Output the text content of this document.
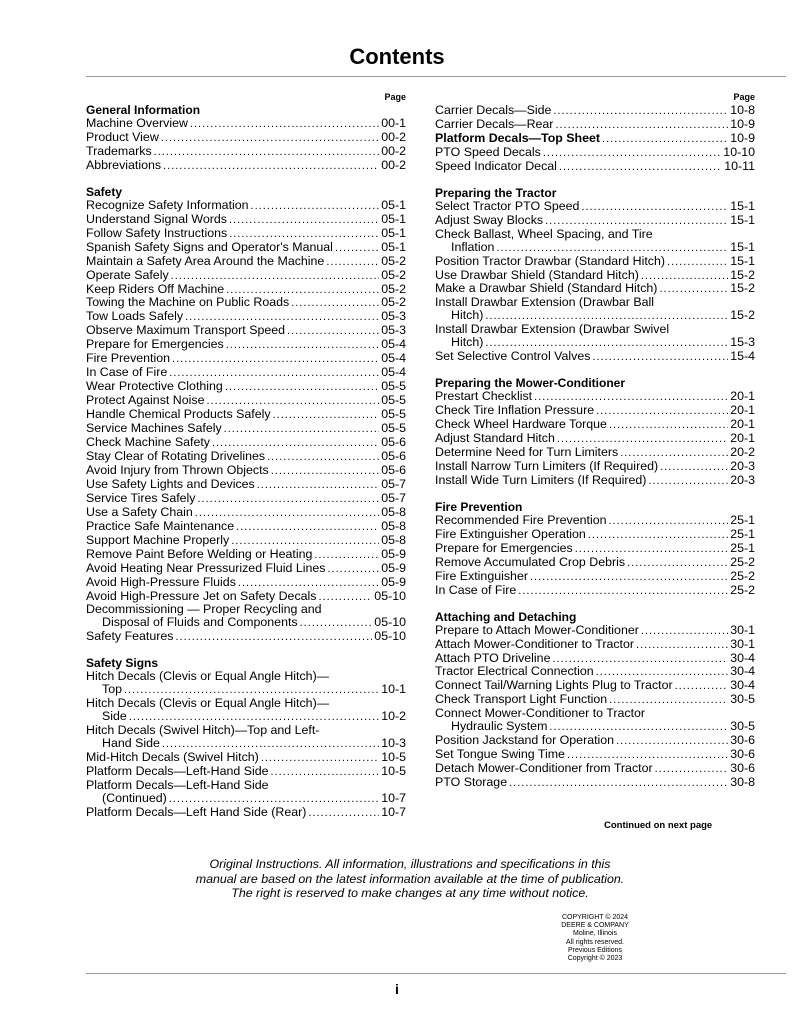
Contents
Page
General Information
Machine Overview .....	00-1
Product View .....	00-2
Trademarks .....	00-2
Abbreviations .....	00-2
Safety
Recognize Safety Information .....	05-1
Understand Signal Words .....	05-1
Follow Safety Instructions .....	05-1
Spanish Safety Signs and Operator's Manual .....	05-1
Maintain a Safety Area Around the Machine .....	05-2
Operate Safely .....	05-2
Keep Riders Off Machine .....	05-2
Towing the Machine on Public Roads .....	05-2
Tow Loads Safely .....	05-3
Observe Maximum Transport Speed .....	05-3
Prepare for Emergencies .....	05-4
Fire Prevention .....	05-4
In Case of Fire .....	05-4
Wear Protective Clothing .....	05-5
Protect Against Noise .....	05-5
Handle Chemical Products Safely .....	05-5
Service Machines Safely .....	05-5
Check Machine Safety .....	05-6
Stay Clear of Rotating Drivelines .....	05-6
Avoid Injury from Thrown Objects .....	05-6
Use Safety Lights and Devices .....	05-7
Service Tires Safely .....	05-7
Use a Safety Chain .....	05-8
Practice Safe Maintenance .....	05-8
Support Machine Properly .....	05-8
Remove Paint Before Welding or Heating .....	05-9
Avoid Heating Near Pressurized Fluid Lines .....	05-9
Avoid High-Pressure Fluids .....	05-9
Avoid High-Pressure Jet on Safety Decals .....	05-10
Decommissioning — Proper Recycling and
Disposal of Fluids and Components .....	05-10
Safety Features .....	05-10
Safety Signs
Hitch Decals (Clevis or Equal Angle Hitch)—
Top .....	10-1
Hitch Decals (Clevis or Equal Angle Hitch)—
Side .....	10-2
Hitch Decals (Swivel Hitch)—Top and Left-
Hand Side .....	10-3
Mid-Hitch Decals (Swivel Hitch) .....	10-5
Platform Decals—Left-Hand Side .....	10-5
Platform Decals—Left-Hand Side
(Continued) .....	10-7
Platform Decals—Left Hand Side (Rear) .....	10-7
Page
Carrier Decals—Side .....	10-8
Carrier Decals—Rear .....	10-9
Platform Decals—Top Sheet .....	10-9
PTO Speed Decals .....	10-10
Speed Indicator Decal .....	10-11
Preparing the Tractor
Select Tractor PTO Speed .....	15-1
Adjust Sway Blocks .....	15-1
Check Ballast, Wheel Spacing, and Tire
Inflation .....	15-1
Position Tractor Drawbar (Standard Hitch) .....	15-1
Use Drawbar Shield (Standard Hitch) .....	15-2
Make a Drawbar Shield (Standard Hitch) .....	15-2
Install Drawbar Extension (Drawbar Ball
Hitch) .....	15-2
Install Drawbar Extension (Drawbar Swivel
Hitch) .....	15-3
Set Selective Control Valves .....	15-4
Preparing the Mower-Conditioner
Prestart Checklist .....	20-1
Check Tire Inflation Pressure .....	20-1
Check Wheel Hardware Torque .....	20-1
Adjust Standard Hitch .....	20-1
Determine Need for Turn Limiters .....	20-2
Install Narrow Turn Limiters (If Required) .....	20-3
Install Wide Turn Limiters (If Required) .....	20-3
Fire Prevention
Recommended Fire Prevention .....	25-1
Fire Extinguisher Operation .....	25-1
Prepare for Emergencies .....	25-1
Remove Accumulated Crop Debris .....	25-2
Fire Extinguisher .....	25-2
In Case of Fire .....	25-2
Attaching and Detaching
Prepare to Attach Mower-Conditioner .....	30-1
Attach Mower-Conditioner to Tractor .....	30-1
Attach PTO Driveline .....	30-4
Tractor Electrical Connection .....	30-4
Connect Tail/Warning Lights Plug to Tractor .....	30-4
Check Transport Light Function .....	30-5
Connect Mower-Conditioner to Tractor
Hydraulic System .....	30-5
Position Jackstand for Operation .....	30-6
Set Tongue Swing Time .....	30-6
Detach Mower-Conditioner from Tractor .....	30-6
PTO Storage .....	30-8
Continued on next page
Original Instructions. All information, illustrations and specifications in this
manual are based on the latest information available at the time of publication.
The right is reserved to make changes at any time without notice.
COPYRIGHT © 2024
DEERE & COMPANY
Moline, Illinois
All rights reserved.
Previous Editions
Copyright © 2023
i
